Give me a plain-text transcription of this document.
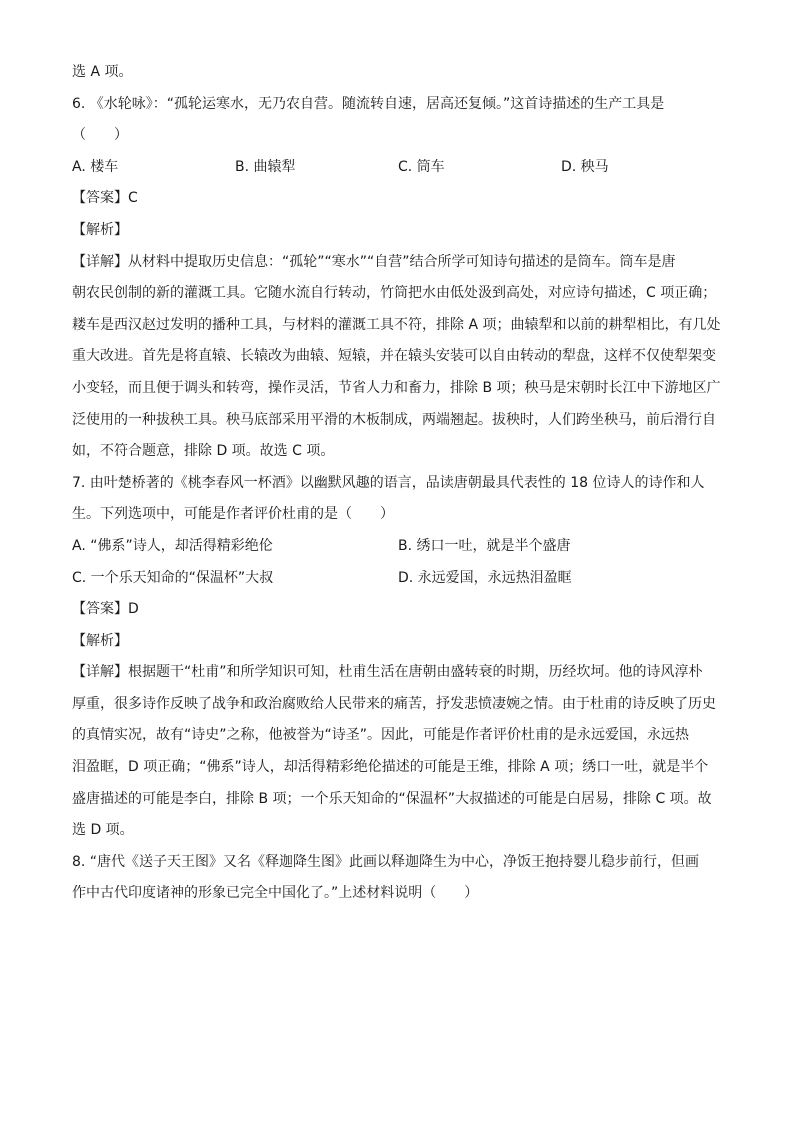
选 A 项。
6. 《水轮咏》：“孤轮运寒水，无乃农自营。随流转自速，居高还复倾。”这首诗描述的生产工具是
（　　）
A. 楼车	B. 曲辕犁	C. 筒车	D. 秧马
【答案】C
【解析】
【详解】从材料中提取历史信息：“孤轮”“寒水”“自营”结合所学可知诗句描述的是筒车。筒车是唐
朝农民创制的新的灌溉工具。它随水流自行转动，竹筒把水由低处汲到高处，对应诗句描述，C 项正确；
耧车是西汉赵过发明的播种工具，与材料的灌溉工具不符，排除 A 项；曲辕犁和以前的耕犁相比，有几处
重大改进。首先是将直辕、长辕改为曲辕、短辕，并在辕头安装可以自由转动的犁盘，这样不仅使犁架变
小变轻，而且便于调头和转弯，操作灵活，节省人力和畜力，排除 B 项；秧马是宋朝时长江中下游地区广
泛使用的一种拔秧工具。秧马底部采用平滑的木板制成，两端翘起。拔秧时，人们跨坐秧马，前后滑行自
如，不符合题意，排除 D 项。故选 C 项。
7. 由叶楚桥著的《桃李春风一杯酒》以幽默风趣的语言，品读唐朝最具代表性的 18 位诗人的诗作和人
生。下列选项中，可能是作者评价杜甫的是（　　）
A. “佛系”诗人，却活得精彩绝伦	B. 绣口一吐，就是半个盛唐
C. 一个乐天知命的“保温杯”大叔	D. 永远爱国，永远热泪盈眶
【答案】D
【解析】
【详解】根据题干“杜甫”和所学知识可知，杜甫生活在唐朝由盛转衰的时期，历经坎坷。他的诗风淳朴
厚重，很多诗作反映了战争和政治腐败给人民带来的痛苦，抒发悲愤凄婉之情。由于杜甫的诗反映了历史
的真情实况，故有“诗史”之称，他被誉为“诗圣”。因此，可能是作者评价杜甫的是永远爱国，永远热
泪盈眶，D 项正确；“佛系”诗人，却活得精彩绝伦描述的可能是王维，排除 A 项；绣口一吐，就是半个
盛唐描述的可能是李白，排除 B 项；一个乐天知命的“保温杯”大叔描述的可能是白居易，排除 C 项。故
选 D 项。
8. “唐代《送子天王图》又名《释迦降生图》此画以释迦降生为中心，净饭王抱持婴儿稳步前行，但画
作中古代印度诸神的形象已完全中国化了。”上述材料说明（　　）
